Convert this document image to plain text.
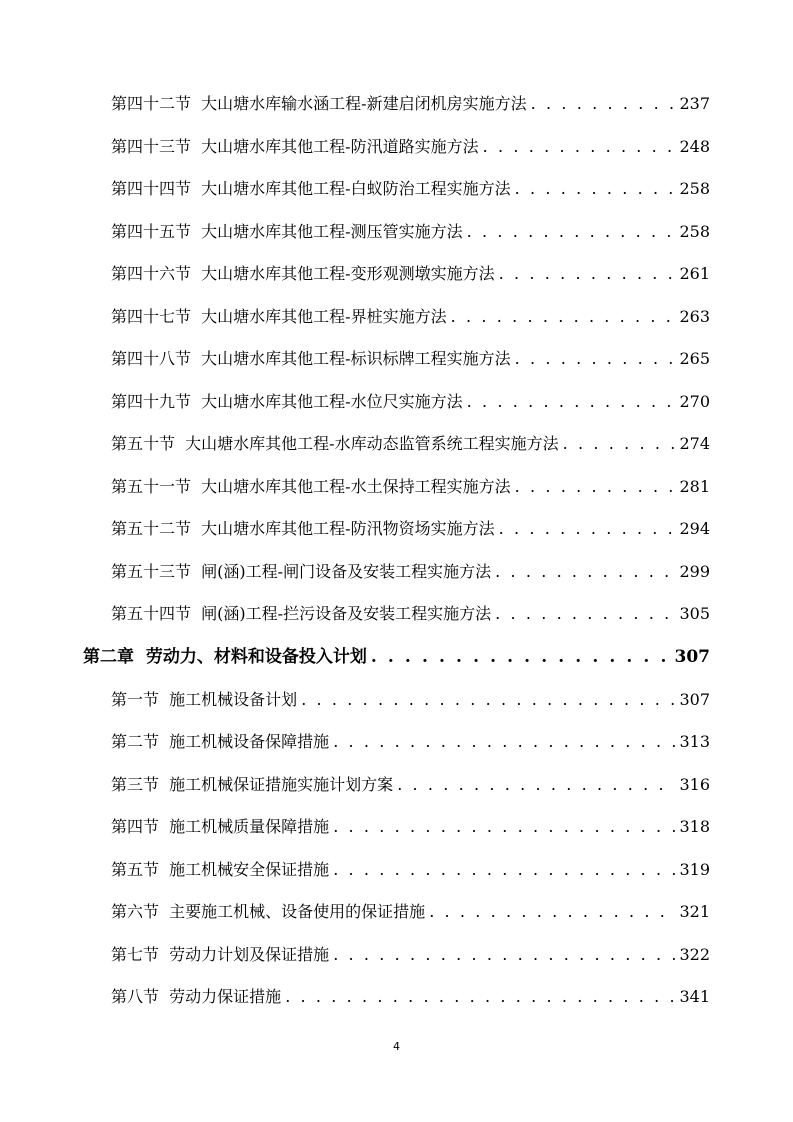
第四十二节  大山塘水库输水涵工程-新建启闭机房实施方法 . . .	237
第四十三节  大山塘水库其他工程-防汛道路实施方法 . . .	248
第四十四节  大山塘水库其他工程-白蚁防治工程实施方法 . . .	258
第四十五节  大山塘水库其他工程-测压管实施方法 . . .	258
第四十六节  大山塘水库其他工程-变形观测墩实施方法 . . .	261
第四十七节  大山塘水库其他工程-界桩实施方法 . . .	263
第四十八节  大山塘水库其他工程-标识标牌工程实施方法 . . .	265
第四十九节  大山塘水库其他工程-水位尺实施方法 . . .	270
第五十节  大山塘水库其他工程-水库动态监管系统工程实施方法 . . .	274
第五十一节  大山塘水库其他工程-水土保持工程实施方法 . . .	281
第五十二节  大山塘水库其他工程-防汛物资场实施方法 . . .	294
第五十三节  闸(涵)工程-闸门设备及安装工程实施方法 . . .	299
第五十四节  闸(涵)工程-拦污设备及安装工程实施方法 . . .	305
第二章  劳动力、材料和设备投入计划 . . .	307
第一节  施工机械设备计划 . . .	307
第二节  施工机械设备保障措施 . . .	313
第三节  施工机械保证措施实施计划方案 . . .	316
第四节  施工机械质量保障措施 . . .	318
第五节  施工机械安全保证措施 . . .	319
第六节  主要施工机械、设备使用的保证措施 . . .	321
第七节  劳动力计划及保证措施 . . .	322
第八节  劳动力保证措施 . . .	341
4
